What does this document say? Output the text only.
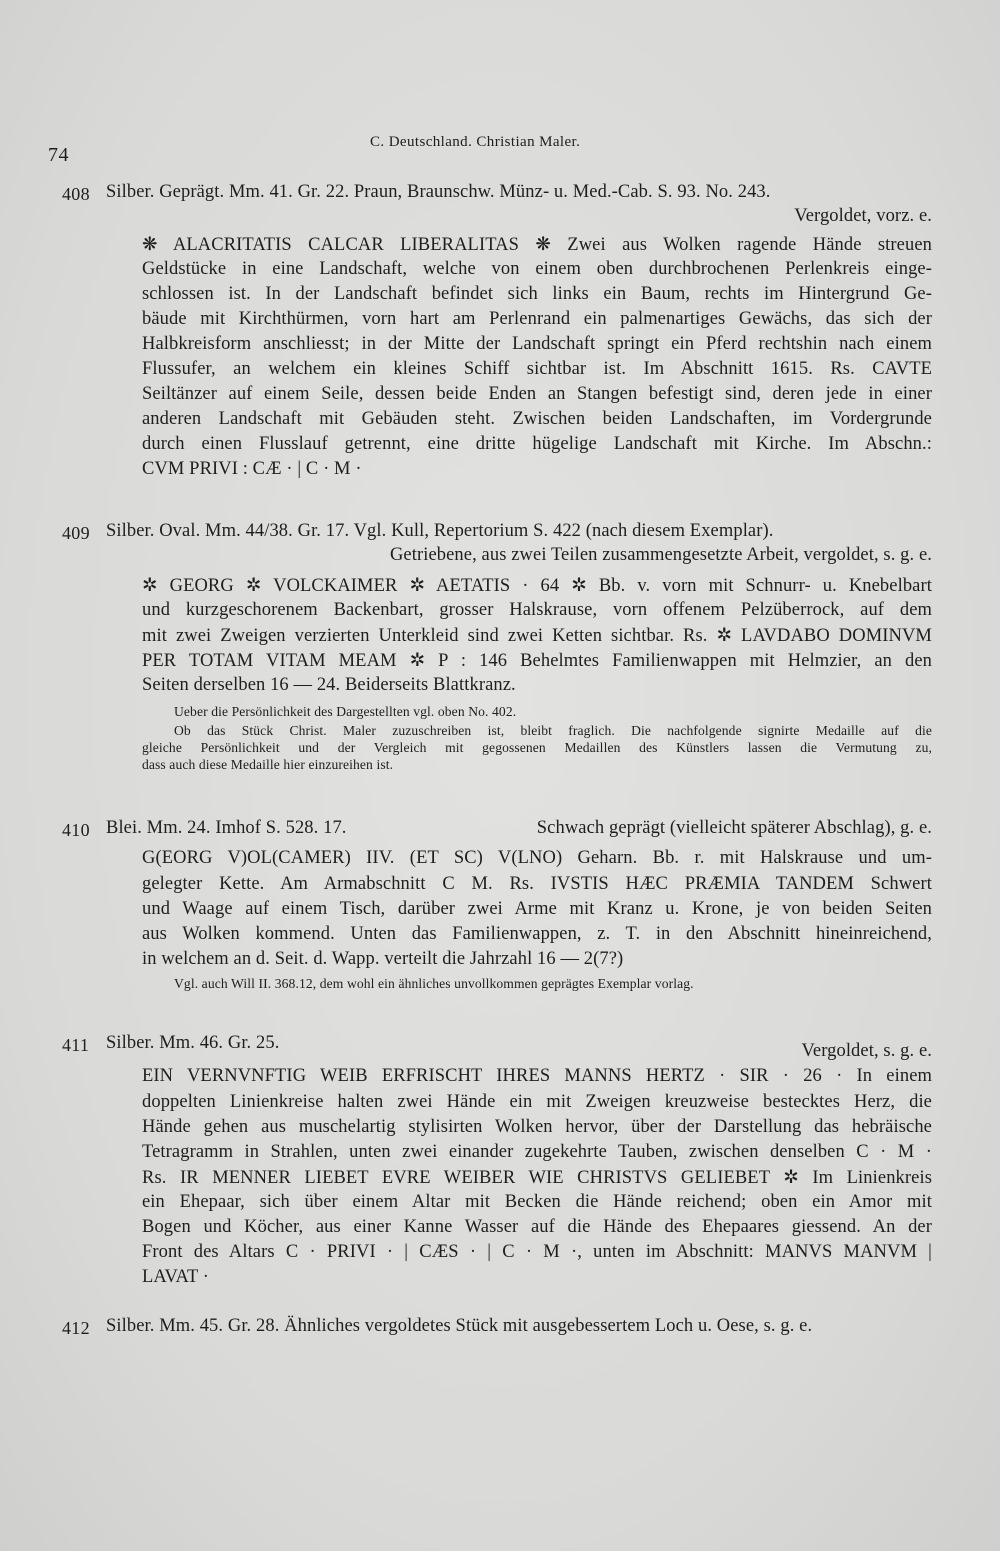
74
C. Deutschland. Christian Maler.
408 Silber. Geprägt. Mm. 41. Gr. 22. Praun, Braunschw. Münz- u. Med.-Cab. S. 93. No. 243.
Vergoldet, vorz. e.
❋ ALACRITATIS CALCAR LIBERALITAS ❋ Zwei aus Wolken ragende Hände streuen
Geldstücke in eine Landschaft, welche von einem oben durchbrochenen Perlenkreis einge-
schlossen ist. In der Landschaft befindet sich links ein Baum, rechts im Hintergrund Ge-
bäude mit Kirchthürmen, vorn hart am Perlenrand ein palmenartiges Gewächs, das sich der
Halbkreisform anschliesst; in der Mitte der Landschaft springt ein Pferd rechtshin nach einem
Flussufer, an welchem ein kleines Schiff sichtbar ist. Im Abschnitt 1615. Rs. CAVTE
Seiltänzer auf einem Seile, dessen beide Enden an Stangen befestigt sind, deren jede in einer
anderen Landschaft mit Gebäuden steht. Zwischen beiden Landschaften, im Vordergrunde
durch einen Flusslauf getrennt, eine dritte hügelige Landschaft mit Kirche. Im Abschn.:
CVM PRIVI : CÆ · | C · M ·
409 Silber. Oval. Mm. 44/38. Gr. 17. Vgl. Kull, Repertorium S. 422 (nach diesem Exemplar).
Getriebene, aus zwei Teilen zusammengesetzte Arbeit, vergoldet, s. g. e.
✲ GEORG ✲ VOLCKAIMER ✲ AETATIS · 64 ✲ Bb. v. vorn mit Schnurr- u. Knebelbart
und kurzgeschorenem Backenbart, grosser Halskrause, vorn offenem Pelzüberrock, auf dem
mit zwei Zweigen verzierten Unterkleid sind zwei Ketten sichtbar. Rs. ✲ LAVDABO DOMINVM
PER TOTAM VITAM MEAM ✲ P : 146 Behelmtes Familienwappen mit Helmzier, an den
Seiten derselben 16 — 24. Beiderseits Blattkranz.
Ueber die Persönlichkeit des Dargestellten vgl. oben No. 402.
Ob das Stück Christ. Maler zuzuschreiben ist, bleibt fraglich. Die nachfolgende signirte Medaille auf die
gleiche Persönlichkeit und der Vergleich mit gegossenen Medaillen des Künstlers lassen die Vermutung zu,
dass auch diese Medaille hier einzureihen ist.
410 Blei. Mm. 24. Imhof S. 528. 17.	Schwach geprägt (vielleicht späterer Abschlag), g. e.
G(EORG V)OL(CAMER) IIV. (ET SC) V(LNO) Geharn. Bb. r. mit Halskrause und um-
gelegter Kette. Am Armabschnitt C M. Rs. IVSTIS HÆC PRÆMIA TANDEM Schwert
und Waage auf einem Tisch, darüber zwei Arme mit Kranz u. Krone, je von beiden Seiten
aus Wolken kommend. Unten das Familienwappen, z. T. in den Abschnitt hineinreichend,
in welchem an d. Seit. d. Wapp. verteilt die Jahrzahl 16 — 2(7?)
Vgl. auch Will II. 368.12, dem wohl ein ähnliches unvollkommen geprägtes Exemplar vorlag.
411 Silber. Mm. 46. Gr. 25.	Vergoldet, s. g. e.
EIN VERNVNFTIG WEIB ERFRISCHT IHRES MANNS HERTZ · SIR · 26 · In einem
doppelten Linienkreise halten zwei Hände ein mit Zweigen kreuzweise bestecktes Herz, die
Hände gehen aus muschelartig stylisirten Wolken hervor, über der Darstellung das hebräische
Tetragramm in Strahlen, unten zwei einander zugekehrte Tauben, zwischen denselben C · M ·
Rs. IR MENNER LIEBET EVRE WEIBER WIE CHRISTVS GELIEBET ✲ Im Linienkreis
ein Ehepaar, sich über einem Altar mit Becken die Hände reichend; oben ein Amor mit
Bogen und Köcher, aus einer Kanne Wasser auf die Hände des Ehepaares giessend. An der
Front des Altars C · PRIVI · | CÆS · | C · M ·, unten im Abschnitt: MANVS MANVM |
LAVAT ·
412 Silber. Mm. 45. Gr. 28. Ähnliches vergoldetes Stück mit ausgebessertem Loch u. Oese, s. g. e.
